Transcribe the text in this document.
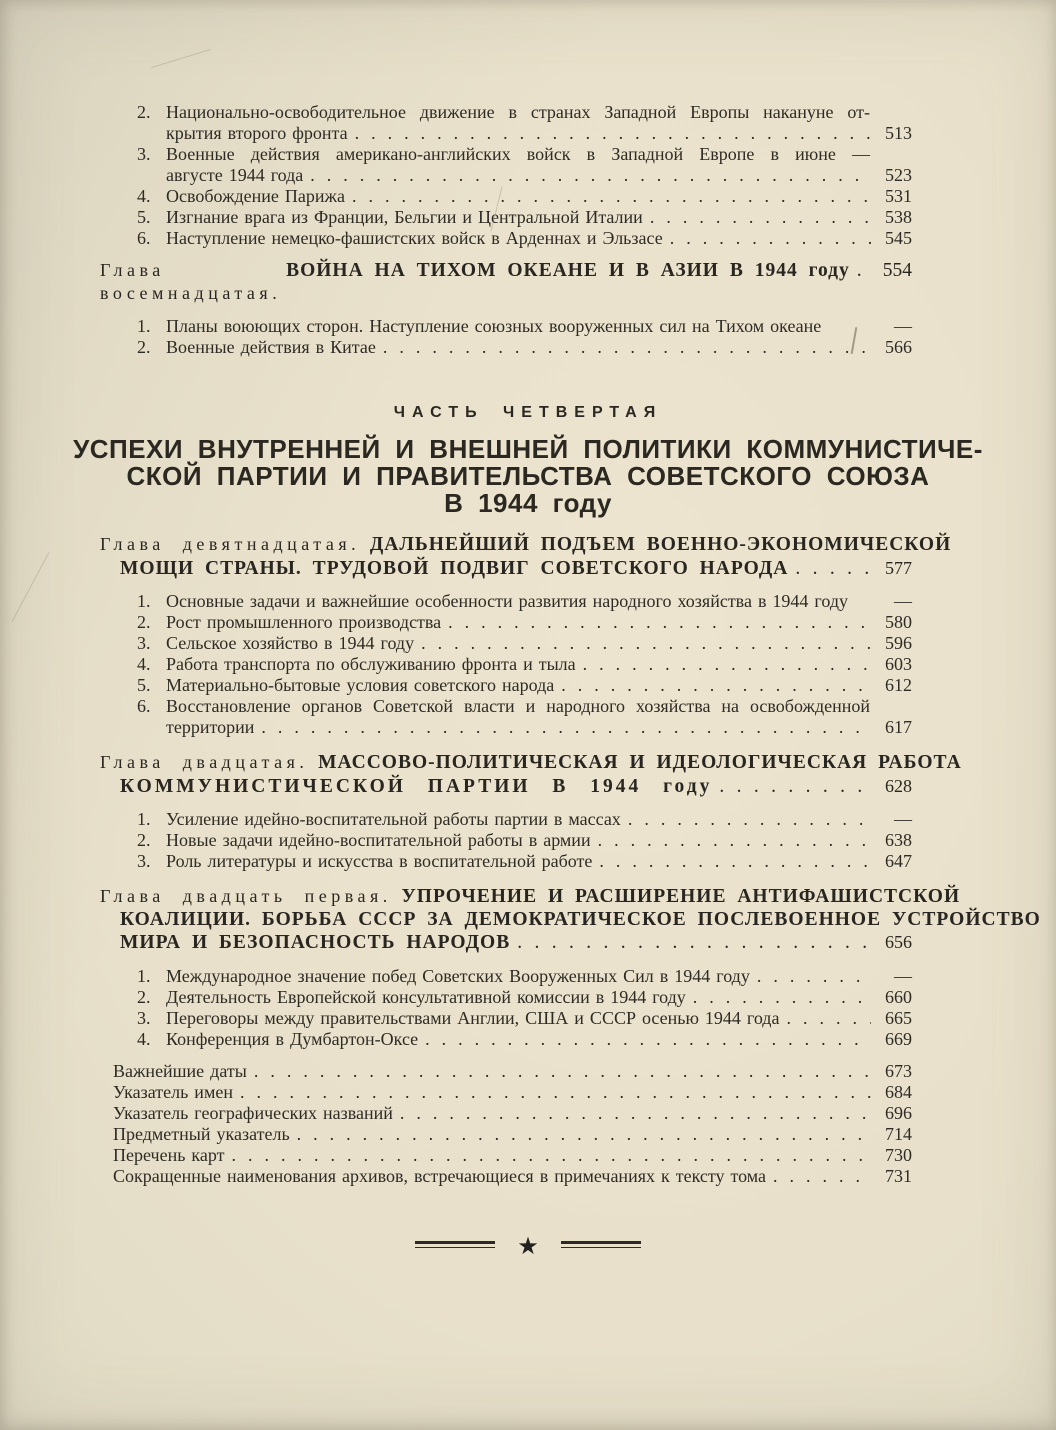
2. Национально-освободительное движение в странах Западной Европы накануне от-
крытия второго фронта . . .	513
3. Военные действия американо-английских войск в Западной Европе в июне —
августе 1944 года . . .	523
4. Освобождение Парижа . . .	531
5. Изгнание врага из Франции, Бельгии и Центральной Италии . . .	538
6. Наступление немецко-фашистских войск в Арденнах и Эльзасе . . .	545
Глава восемнадцатая.

ВОЙНА НА ТИХОМ ОКЕАНЕ И В АЗИИ В 1944 году . . .	554
1. Планы воюющих сторон. Наступление союзных вооруженных сил на Тихом океане	—
2. Военные действия в Китае . . .	566
ЧАСТЬ ЧЕТВЕРТАЯ
УСПЕХИ ВНУТРЕННЕЙ И ВНЕШНЕЙ ПОЛИТИКИ КОММУНИСТИЧЕ-
СКОЙ ПАРТИИ И ПРАВИТЕЛЬСТВА СОВЕТСКОГО СОЮЗА
В 1944 году
Глава девятнадцатая. ДАЛЬНЕЙШИЙ ПОДЪЕМ ВОЕННО-ЭКОНОМИЧЕСКОЙ
МОЩИ СТРАНЫ. ТРУДОВОЙ ПОДВИГ СОВЕТСКОГО НАРОДА . . .	577
1. Основные задачи и важнейшие особенности развития народного хозяйства в 1944 году	—
2. Рост промышленного производства . . .	580
3. Сельское хозяйство в 1944 году . . .	596
4. Работа транспорта по обслуживанию фронта и тыла . . .	603
5. Материально-бытовые условия советского народа . . .	612
6. Восстановление органов Советской власти и народного хозяйства на освобожденной
территории . . .	617
Глава двадцатая. МАССОВО-ПОЛИТИЧЕСКАЯ И ИДЕОЛОГИЧЕСКАЯ РАБОТА
КОММУНИСТИЧЕСКОЙ ПАРТИИ В 1944 году . . .	628
1. Усиление идейно-воспитательной работы партии в массах . . .	—
2. Новые задачи идейно-воспитательной работы в армии . . .	638
3. Роль литературы и искусства в воспитательной работе . . .	647
Глава двадцать первая. УПРОЧЕНИЕ И РАСШИРЕНИЕ АНТИФАШИСТСКОЙ
КОАЛИЦИИ. БОРЬБА СССР ЗА ДЕМОКРАТИЧЕСКОЕ ПОСЛЕВОЕННОЕ УСТРОЙСТВО
МИРА И БЕЗОПАСНОСТЬ НАРОДОВ . . .	656
1. Международное значение побед Советских Вооруженных Сил в 1944 году . . .	—
2. Деятельность Европейской консультативной комиссии в 1944 году . . .	660
3. Переговоры между правительствами Англии, США и СССР осенью 1944 года . . .	665
4. Конференция в Думбартон-Оксе . . .	669
Важнейшие даты . . .	673
Указатель имен . . .	684
Указатель географических названий . . .	696
Предметный указатель . . .	714
Перечень карт . . .	730
Сокращенные наименования архивов, встречающиеся в примечаниях к тексту тома . . .	731
★
